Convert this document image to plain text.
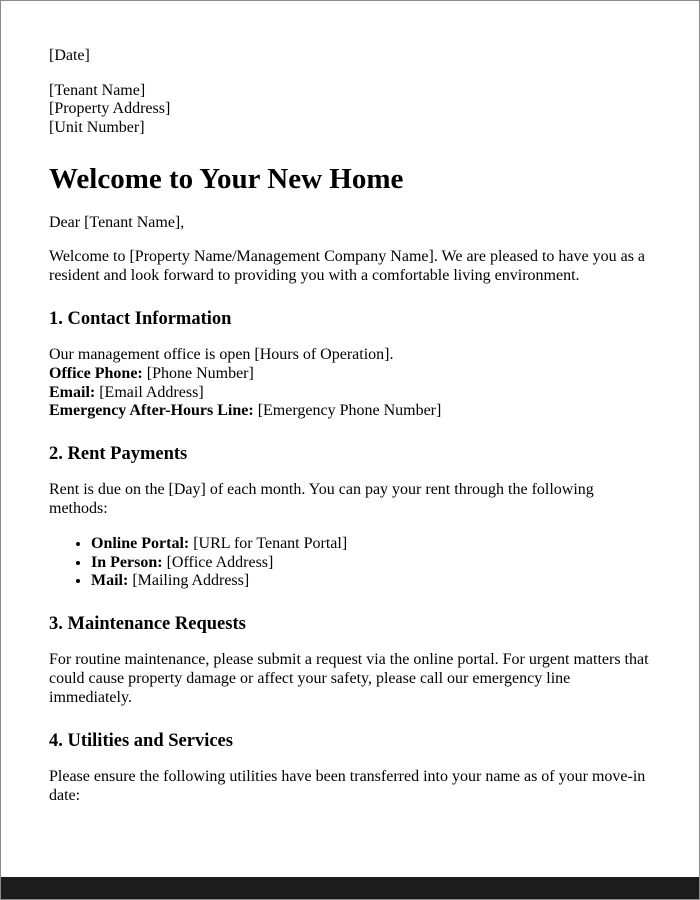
[Date]

[Tenant Name]
[Property Address]
[Unit Number]
Welcome to Your New Home

Dear [Tenant Name],

Welcome to [Property Name/Management Company Name]. We are pleased to have you as a resident and look forward to providing you with a comfortable living environment.

1. Contact Information
Our management office is open [Hours of Operation].
Office Phone: [Phone Number]
Email: [Email Address]
Emergency After-Hours Line: [Emergency Phone Number]
2. Rent Payments

Rent is due on the [Day] of each month. You can pay your rent through the following methods:

• Online Portal: [URL for Tenant Portal]
• In Person: [Office Address]
• Mail: [Mailing Address]
3. Maintenance Requests

For routine maintenance, please submit a request via the online portal. For urgent matters that could cause property damage or affect your safety, please call our emergency line immediately.

4. Utilities and Services

Please ensure the following utilities have been transferred into your name as of your move-in date:
